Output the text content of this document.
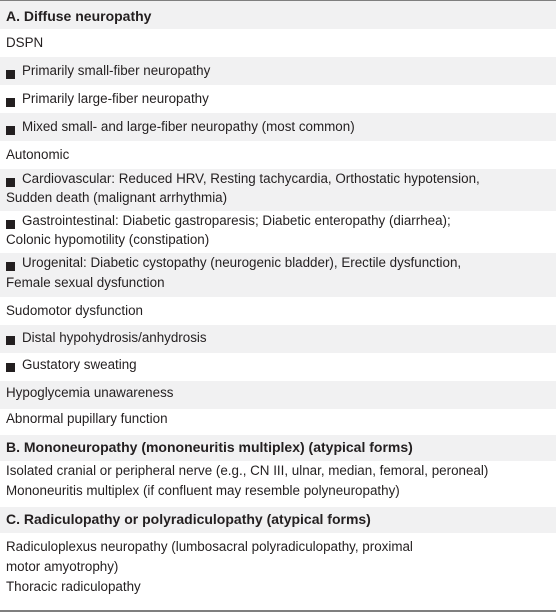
A. Diffuse neuropathy
DSPN
Primarily small-fiber neuropathy
Primarily large-fiber neuropathy
Mixed small- and large-fiber neuropathy (most common)
Autonomic
Cardiovascular: Reduced HRV, Resting tachycardia, Orthostatic hypotension,
Sudden death (malignant arrhythmia)
Gastrointestinal: Diabetic gastroparesis; Diabetic enteropathy (diarrhea);
Colonic hypomotility (constipation)
Urogenital: Diabetic cystopathy (neurogenic bladder), Erectile dysfunction,
Female sexual dysfunction
Sudomotor dysfunction
Distal hypohydrosis/anhydrosis
Gustatory sweating
Hypoglycemia unawareness
Abnormal pupillary function
B. Mononeuropathy (mononeuritis multiplex) (atypical forms)
Isolated cranial or peripheral nerve (e.g., CN III, ulnar, median, femoral, peroneal)
Mononeuritis multiplex (if confluent may resemble polyneuropathy)
C. Radiculopathy or polyradiculopathy (atypical forms)
Radiculoplexus neuropathy (lumbosacral polyradiculopathy, proximal
motor amyotrophy)
Thoracic radiculopathy
